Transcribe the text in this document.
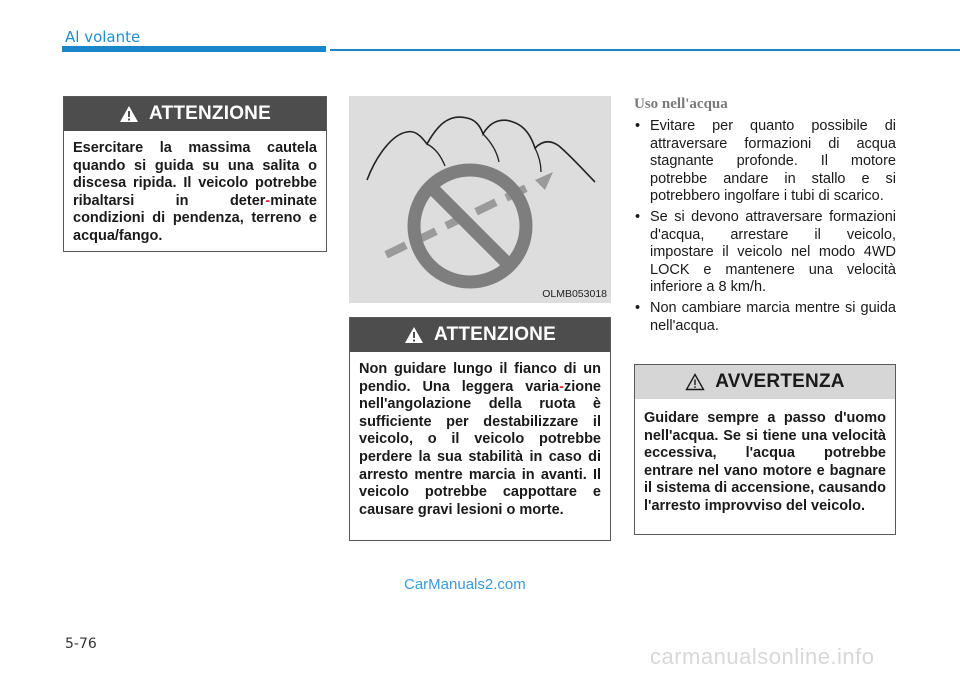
Al volante
ATTENZIONE
Esercitare la massima cautela quando si guida su una salita o discesa ripida. Il veicolo potrebbe ribaltarsi in deter-minate condizioni di pendenza, terreno e acqua/fango.
OLMB053018
ATTENZIONE
Non guidare lungo il fianco di un pendio. Una leggera varia-zione nell'angolazione della ruota è sufficiente per destabilizzare il veicolo, o il veicolo potrebbe perdere la sua stabilità in caso di arresto mentre marcia in avanti. Il veicolo potrebbe cappottare e causare gravi lesioni o morte.
Uso nell'acqua
• Evitare per quanto possibile di attraversare formazioni di acqua stagnante profonde. Il motore potrebbe andare in stallo e si potrebbero ingolfare i tubi di scarico.
• Se si devono attraversare formazioni d'acqua, arrestare il veicolo, impostare il veicolo nel modo 4WD LOCK e mantenere una velocità inferiore a 8 km/h.
• Non cambiare marcia mentre si guida nell'acqua.
AVVERTENZA
Guidare sempre a passo d'uomo nell'acqua. Se si tiene una velocità eccessiva, l'acqua potrebbe entrare nel vano motore e bagnare il sistema di accensione, causando l'arresto improvviso del veicolo.
CarManuals2.com
5-76	carmanualsonline.info
